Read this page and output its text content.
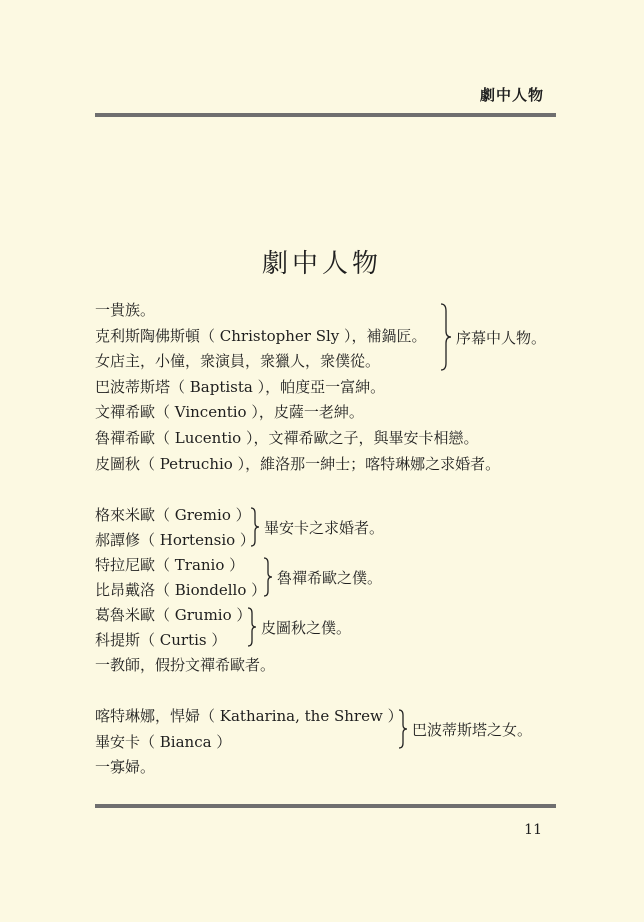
劇中人物
劇中人物
一貴族。
克利斯陶佛斯頓（ Christopher Sly ），補鍋匠。
女店主，小僮，衆演員，衆獵人，衆僕從。
巴波蒂斯塔（ Baptista ），帕度亞一富紳。
文禪希歐（ Vincentio ），皮薩一老紳。
魯禪希歐（ Lucentio ），文禪希歐之子，與畢安卡相戀。
皮圖秋（ Petruchio ），維洛那一紳士；喀特琳娜之求婚者。
格來米歐（ Gremio ）
郝譚修（ Hortensio ）
特拉尼歐（ Tranio ）
比昂戴洛（ Biondello ）
葛魯米歐（ Grumio ）
科提斯（ Curtis ）
一教師，假扮文禪希歐者。
喀特琳娜，悍婦（ Katharina, the Shrew ）
畢安卡（ Bianca ）
一寡婦。
序幕中人物。
畢安卡之求婚者。
魯禪希歐之僕。
皮圖秋之僕。
巴波蒂斯塔之女。
11
